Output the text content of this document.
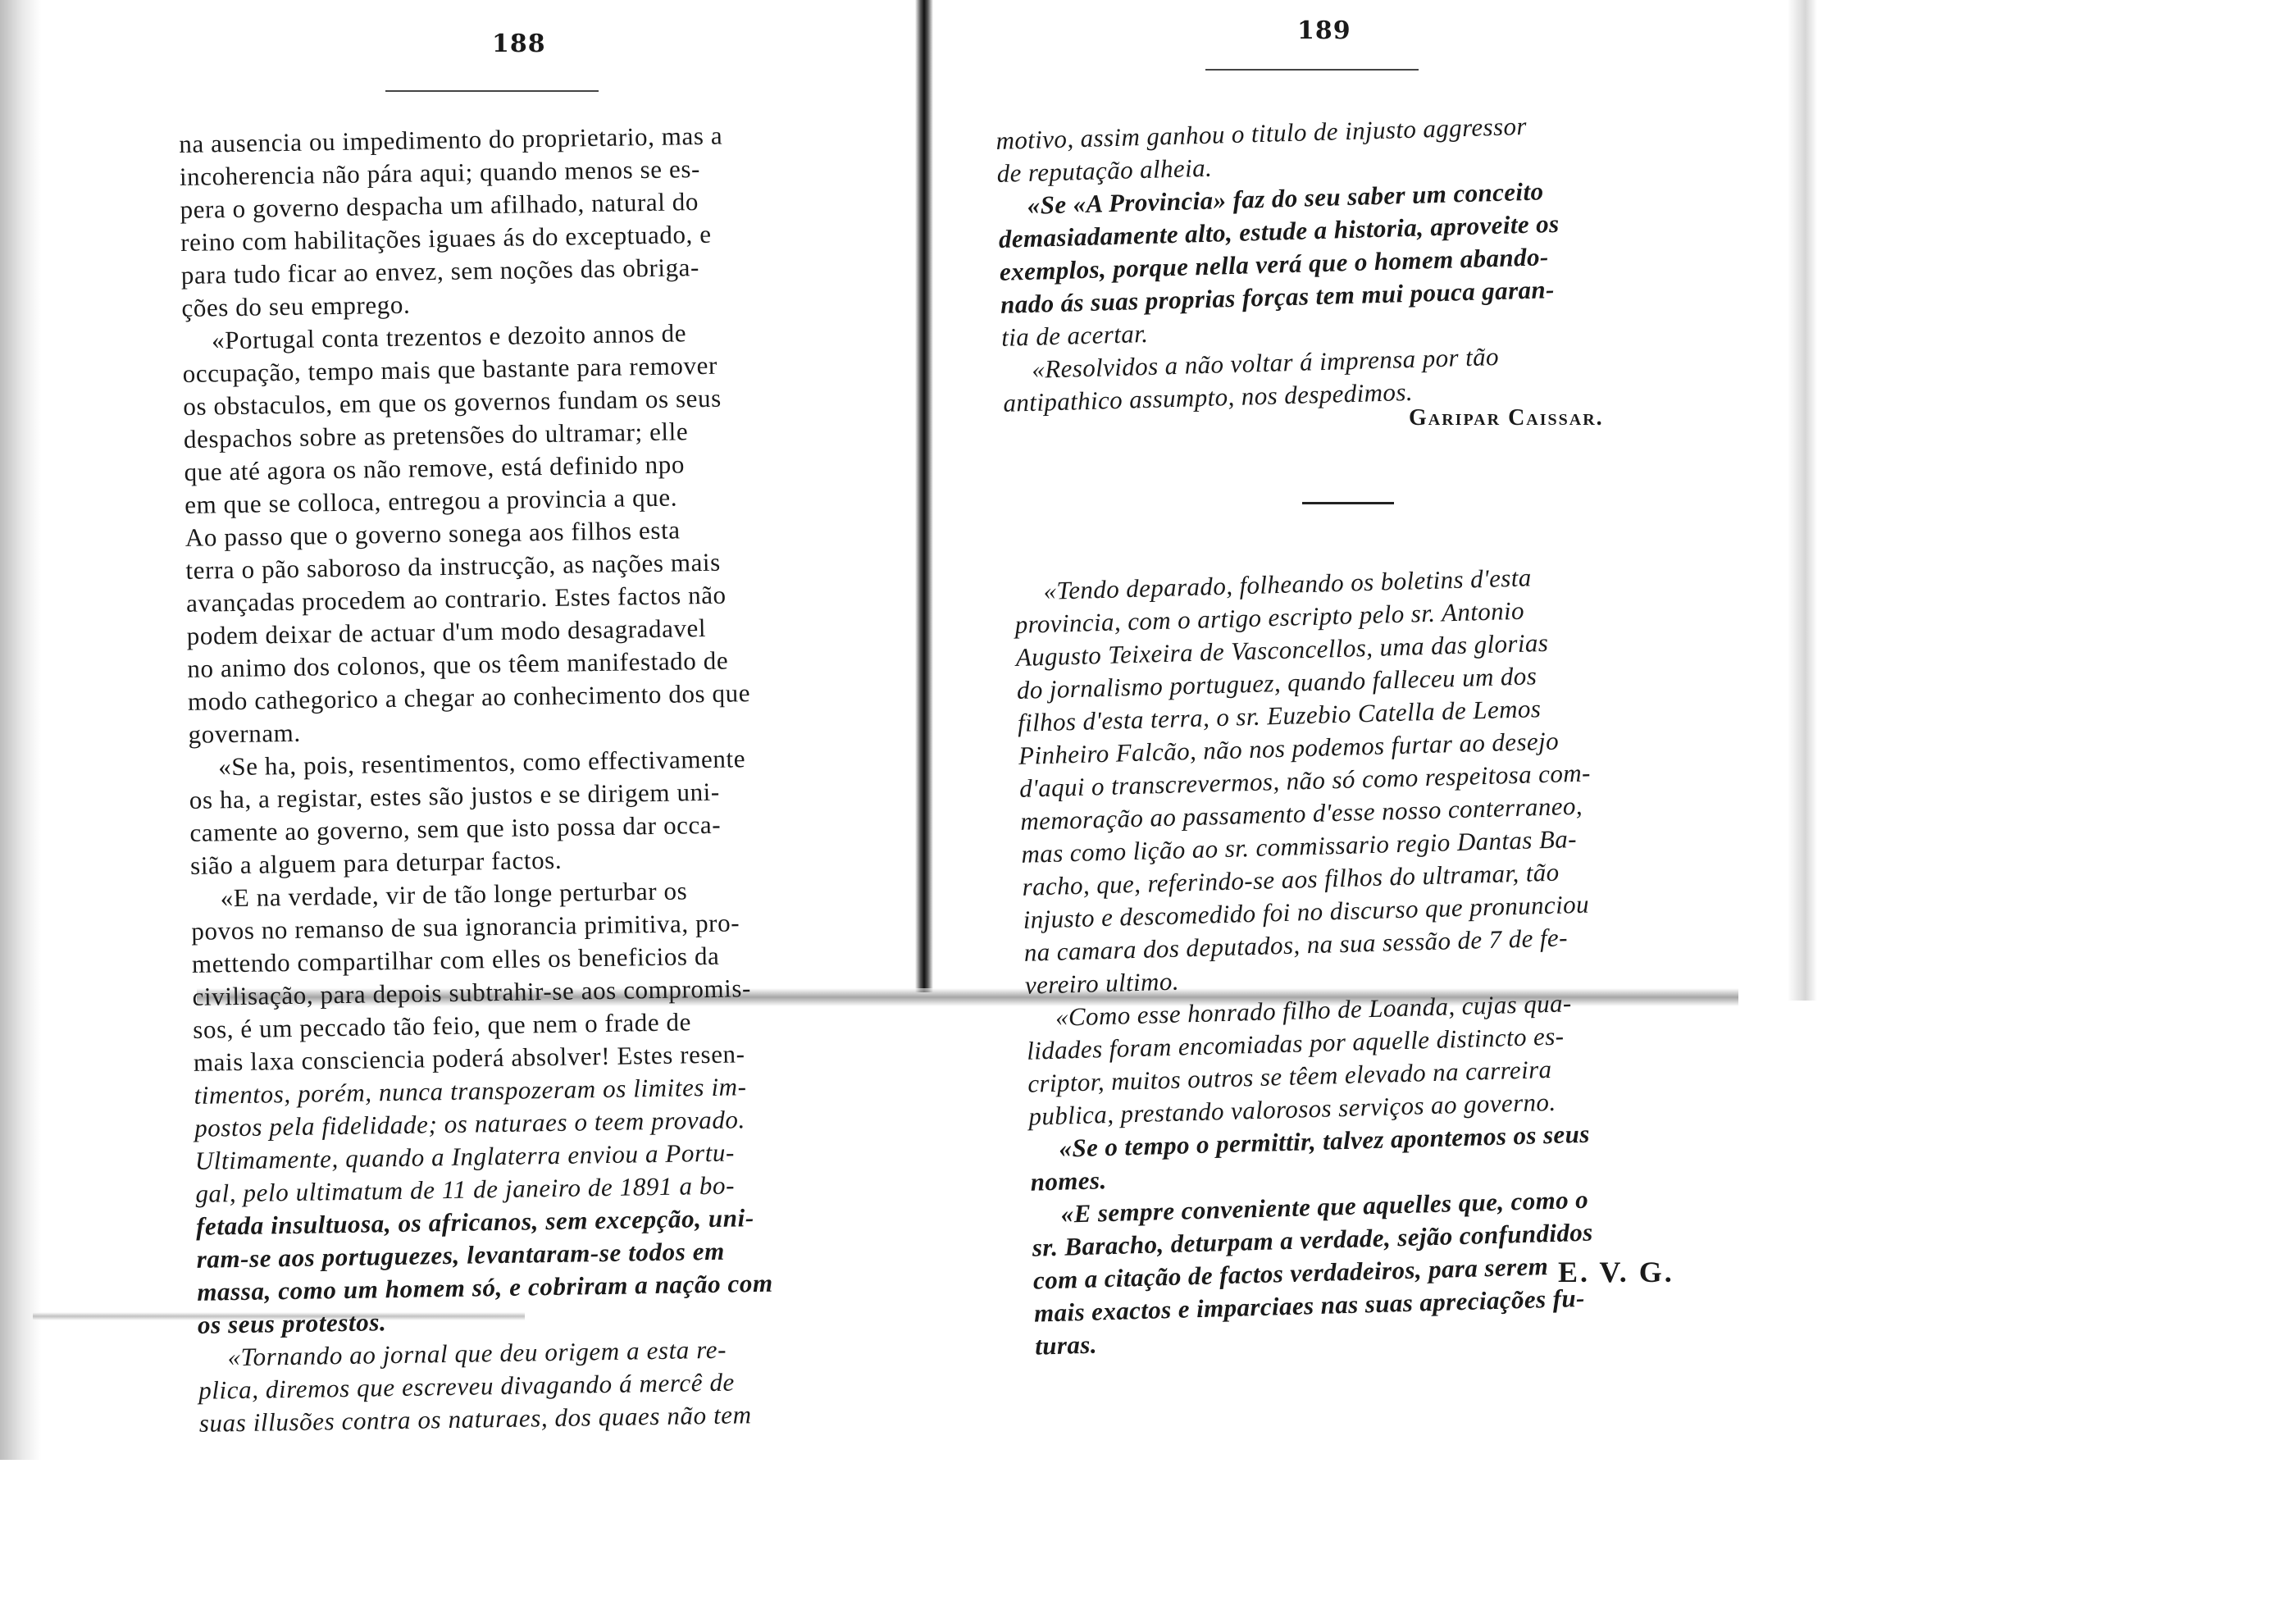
188
na ausencia ou impedimento do proprietario, mas a
incoherencia não pára aqui; quando menos se es-
pera o governo despacha um afilhado, natural do
reino com habilitações iguaes ás do exceptuado, e
para tudo ficar ao envez, sem noções das obriga-
ções do seu emprego.
«Portugal conta trezentos e dezoito annos de
occupação, tempo mais que bastante para remover
os obstaculos, em que os governos fundam os seus
despachos sobre as pretensões do ultramar; elle
que até agora os não remove, está definido npo
em que se colloca, entregou a provincia a que.
Ao passo que o governo sonega aos filhos esta
terra o pão saboroso da instrucção, as nações mais
avançadas procedem ao contrario. Estes factos não
podem deixar de actuar d'um modo desagradavel
no animo dos colonos, que os têem manifestado de
modo cathegorico a chegar ao conhecimento dos que
governam.
«Se ha, pois, resentimentos, como effectivamente
os ha, a registar, estes são justos e se dirigem uni-
camente ao governo, sem que isto possa dar occa-
sião a alguem para deturpar factos.
«E na verdade, vir de tão longe perturbar os
povos no remanso de sua ignorancia primitiva, pro-
mettendo compartilhar com elles os beneficios da
civilisação, para depois subtrahir-se aos compromis-
sos, é um peccado tão feio, que nem o frade de
mais laxa consciencia poderá absolver! Estes resen-
timentos, porém, nunca transpozeram os limites im-
postos pela fidelidade; os naturaes o teem provado.
Ultimamente, quando a Inglaterra enviou a Portu-
gal, pelo ultimatum de 11 de janeiro de 1891 a bo-
fetada insultuosa, os africanos, sem excepção, uni-
ram-se aos portuguezes, levantaram-se todos em
massa, como um homem só, e cobriram a nação com
os seus protestos.
«Tornando ao jornal que deu origem a esta re-
plica, diremos que escreveu divagando á mercê de
suas illusões contra os naturaes, dos quaes não tem
189
motivo, assim ganhou o titulo de injusto aggressor
de reputação alheia.
«Se «A Provincia» faz do seu saber um conceito
demasiadamente alto, estude a historia, aproveite os
exemplos, porque nella verá que o homem abando-
nado ás suas proprias forças tem mui pouca garan-
tia de acertar.
«Resolvidos a não voltar á imprensa por tão
antipathico assumpto, nos despedimos.
Garipar Caissar.
«Tendo deparado, folheando os boletins d'esta
provincia, com o artigo escripto pelo sr. Antonio
Augusto Teixeira de Vasconcellos, uma das glorias
do jornalismo portuguez, quando falleceu um dos
filhos d'esta terra, o sr. Euzebio Catella de Lemos
Pinheiro Falcão, não nos podemos furtar ao desejo
d'aqui o transcrevermos, não só como respeitosa com-
memoração ao passamento d'esse nosso conterraneo,
mas como lição ao sr. commissario regio Dantas Ba-
racho, que, referindo-se aos filhos do ultramar, tão
injusto e descomedido foi no discurso que pronunciou
na camara dos deputados, na sua sessão de 7 de fe-
vereiro ultimo.
«Como esse honrado filho de Loanda, cujas qua-
lidades foram encomiadas por aquelle distincto es-
criptor, muitos outros se têem elevado na carreira
publica, prestando valorosos serviços ao governo.
«Se o tempo o permittir, talvez apontemos os seus
nomes.
«E sempre conveniente que aquelles que, como o
sr. Baracho, deturpam a verdade, sejão confundidos
com a citação de factos verdadeiros, para serem
mais exactos e imparciaes nas suas apreciações fu-
turas.
E. V. G.
